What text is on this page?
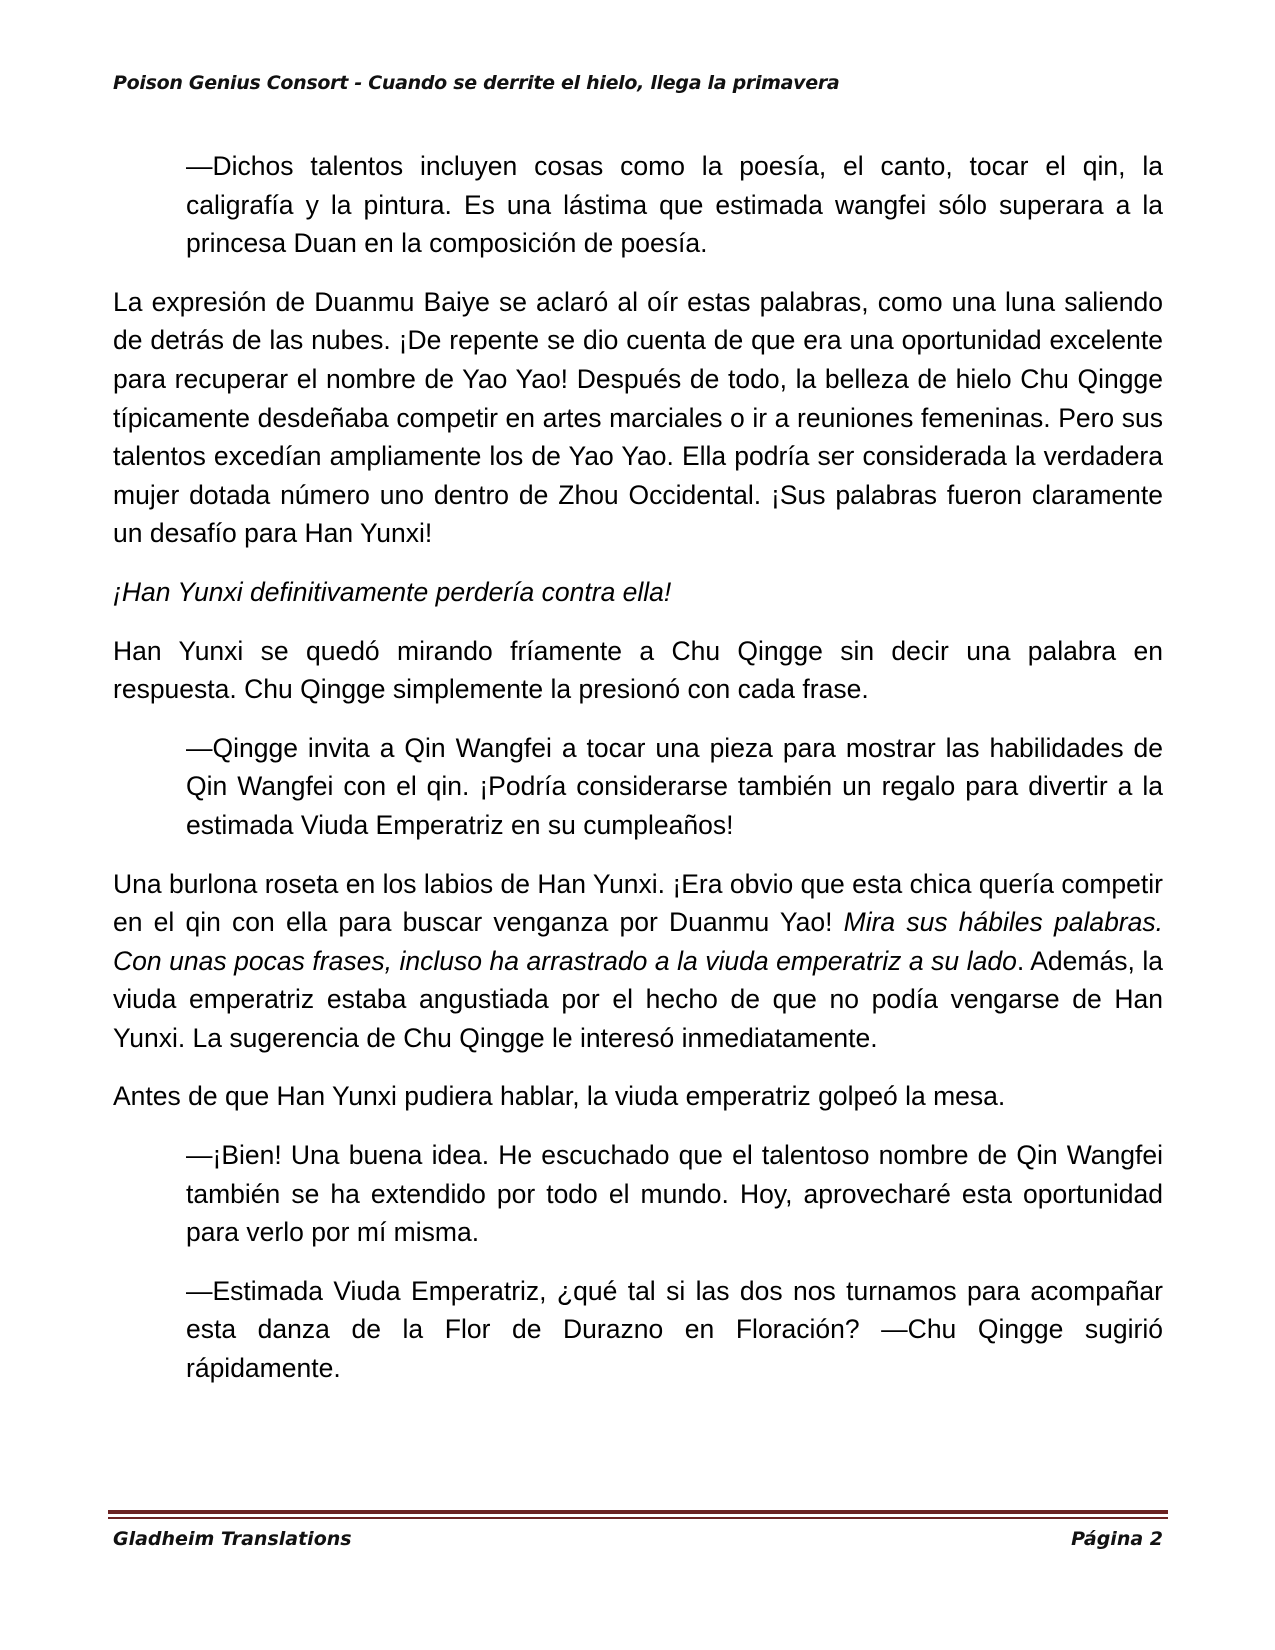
Poison Genius Consort - Cuando se derrite el hielo, llega la primavera

—Dichos talentos incluyen cosas como la poesía, el canto, tocar el qin, la caligrafía y la pintura. Es una lástima que estimada wangfei sólo superara a la princesa Duan en la composición de poesía.

La expresión de Duanmu Baiye se aclaró al oír estas palabras, como una luna saliendo de detrás de las nubes. ¡De repente se dio cuenta de que era una oportunidad excelente para recuperar el nombre de Yao Yao! Después de todo, la belleza de hielo Chu Qingge típicamente desdeñaba competir en artes marciales o ir a reuniones femeninas. Pero sus talentos excedían ampliamente los de Yao Yao. Ella podría ser considerada la verdadera mujer dotada número uno dentro de Zhou Occidental. ¡Sus palabras fueron claramente un desafío para Han Yunxi!

¡Han Yunxi definitivamente perdería contra ella!

Han Yunxi se quedó mirando fríamente a Chu Qingge sin decir una palabra en respuesta. Chu Qingge simplemente la presionó con cada frase.

—Qingge invita a Qin Wangfei a tocar una pieza para mostrar las habilidades de Qin Wangfei con el qin. ¡Podría considerarse también un regalo para divertir a la estimada Viuda Emperatriz en su cumpleaños!

Una burlona roseta en los labios de Han Yunxi. ¡Era obvio que esta chica quería competir en el qin con ella para buscar venganza por Duanmu Yao! Mira sus hábiles palabras. Con unas pocas frases, incluso ha arrastrado a la viuda emperatriz a su lado. Además, la viuda emperatriz estaba angustiada por el hecho de que no podía vengarse de Han Yunxi. La sugerencia de Chu Qingge le interesó inmediatamente.

Antes de que Han Yunxi pudiera hablar, la viuda emperatriz golpeó la mesa.

—¡Bien! Una buena idea. He escuchado que el talentoso nombre de Qin Wangfei también se ha extendido por todo el mundo. Hoy, aprovecharé esta oportunidad para verlo por mí misma.

—Estimada Viuda Emperatriz, ¿qué tal si las dos nos turnamos para acompañar esta danza de la Flor de Durazno en Floración? —Chu Qingge sugirió rápidamente.

Gladheim Translations	Página 2
